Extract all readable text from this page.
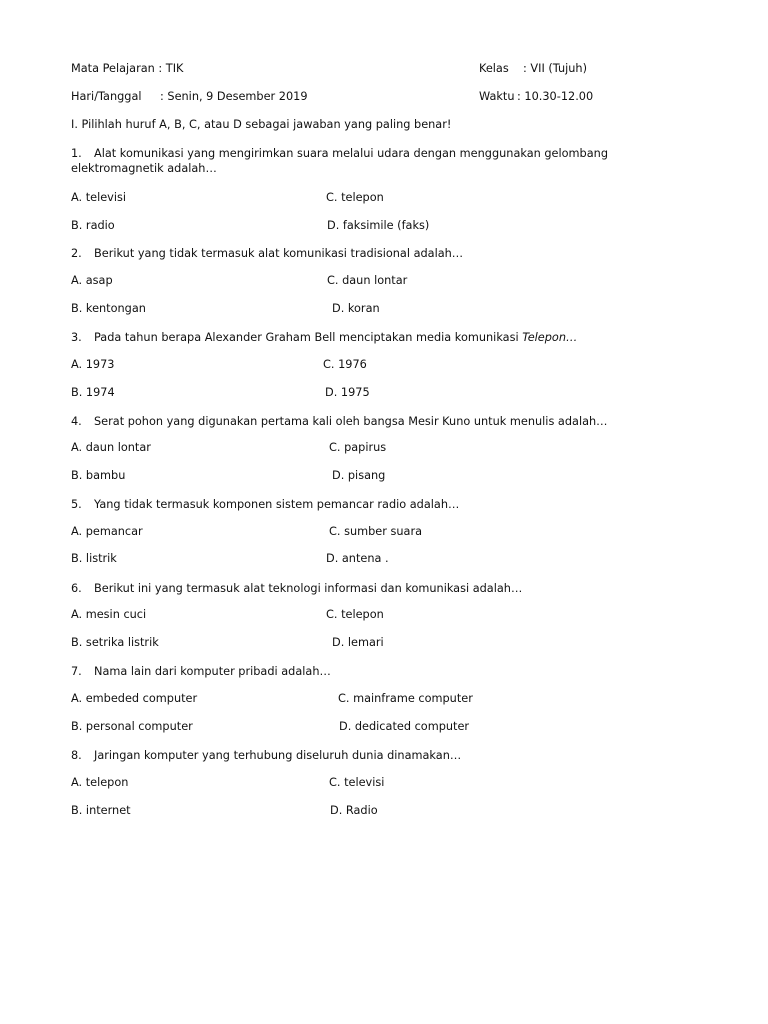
Mata Pelajaran : TIK	Kelas : VII (Tujuh)
Hari/Tanggal : Senin, 9 Desember 2019	Waktu : 10.30-12.00
I. Pilihlah huruf A, B, C, atau D sebagai jawaban yang paling benar!
1. Alat komunikasi yang mengirimkan suara melalui udara dengan menggunakan gelombang elektromagnetik adalah…
A. televisi	C. telepon
B. radio	D. faksimile (faks)
2. Berikut yang tidak termasuk alat komunikasi tradisional adalah…
A. asap	C. daun lontar
B. kentongan	D. koran
3. Pada tahun berapa Alexander Graham Bell menciptakan media komunikasi Telepon…
A. 1973	C. 1976
B. 1974	D. 1975
4. Serat pohon yang digunakan pertama kali oleh bangsa Mesir Kuno untuk menulis adalah…
A. daun lontar	C. papirus
B. bambu	D. pisang
5. Yang tidak termasuk komponen sistem pemancar radio adalah…
A. pemancar	C. sumber suara
B. listrik	D. antena .
6. Berikut ini yang termasuk alat teknologi informasi dan komunikasi adalah…
A. mesin cuci	C. telepon
B. setrika listrik	D. lemari
7. Nama lain dari komputer pribadi adalah…
A. embeded computer	C. mainframe computer
B. personal computer	D. dedicated computer
8. Jaringan komputer yang terhubung diseluruh dunia dinamakan…
A. telepon	C. televisi
B. internet	D. Radio
